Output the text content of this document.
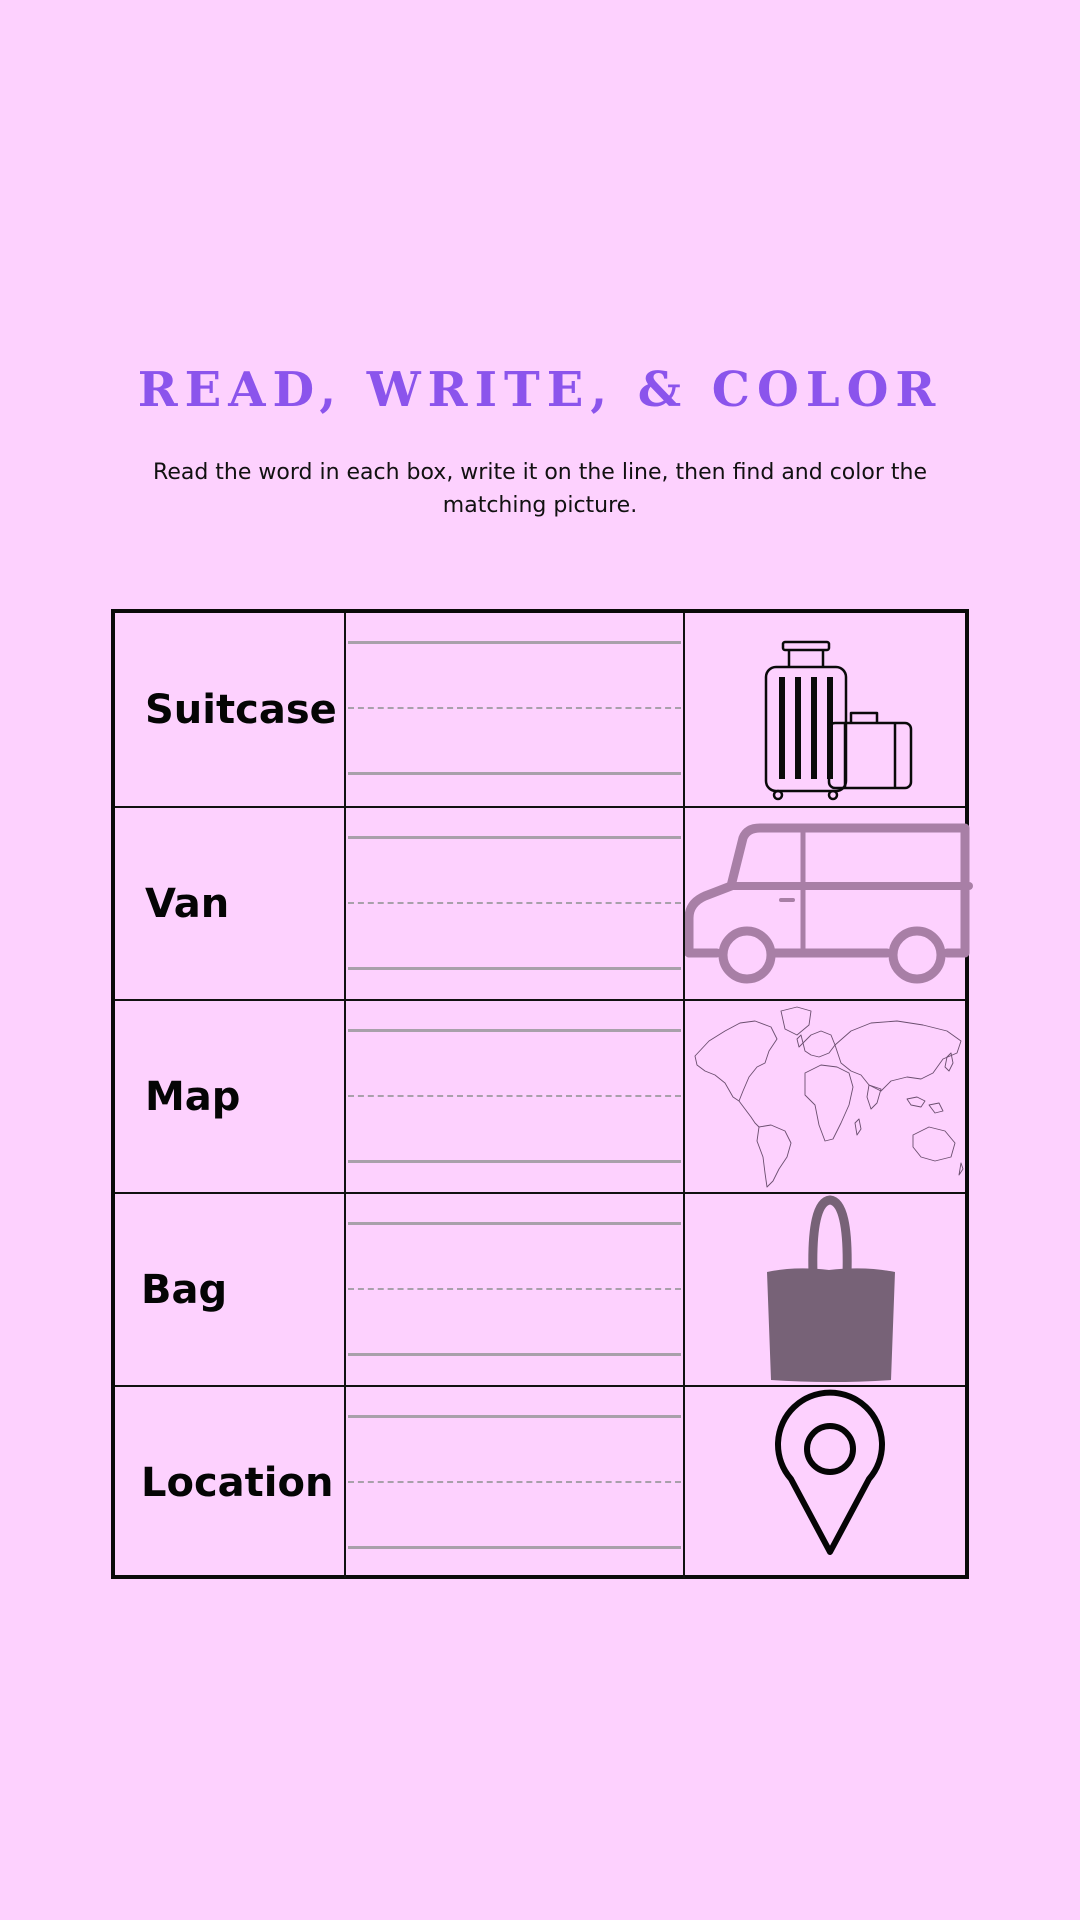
READ, WRITE, & COLOR

Read the word in each box, write it on the line, then find and color the matching picture.

Suitcase
Van
Map
Bag
Location
